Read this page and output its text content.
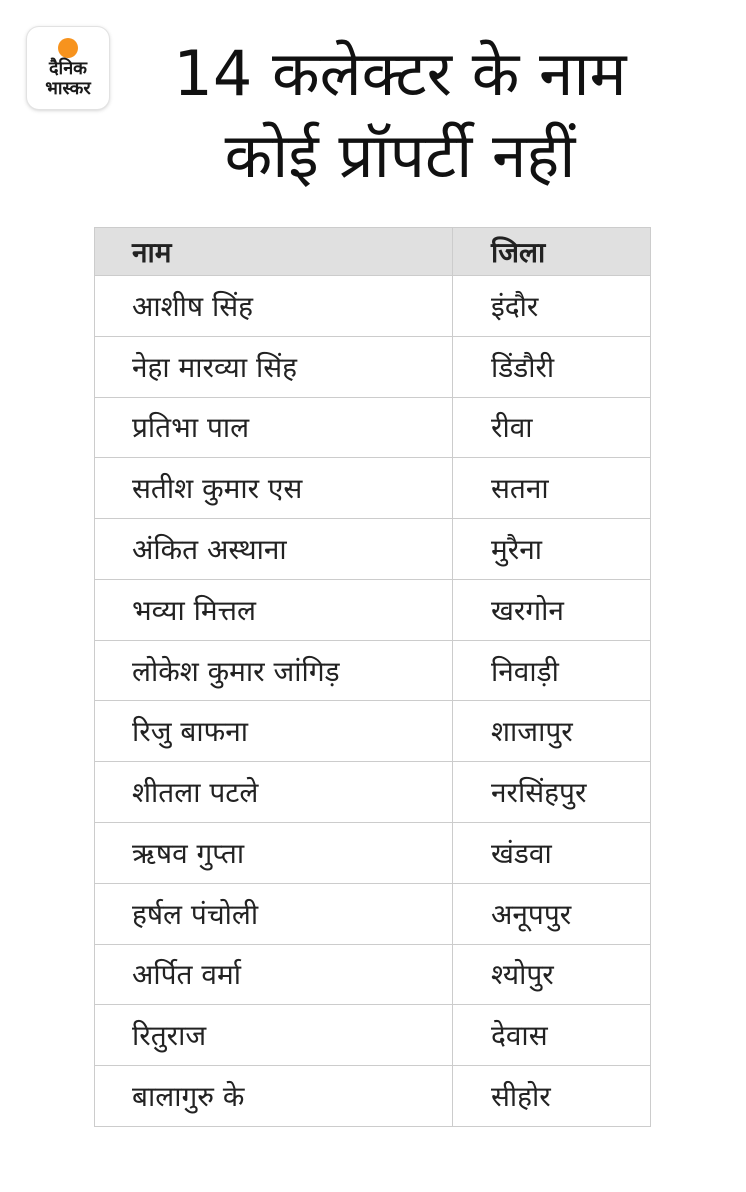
दैनिक
भास्कर	14 कलेक्टर के नाम
कोई प्रॉपर्टी नहीं
नाम	जिला
आशीष सिंह	इंदौर
नेहा मारव्या सिंह	डिंडौरी
प्रतिभा पाल	रीवा
सतीश कुमार एस	सतना
अंकित अस्थाना	मुरैना
भव्या मित्तल	खरगोन
लोकेश कुमार जांगिड़	निवाड़ी
रिजु बाफना	शाजापुर
शीतला पटले	नरसिंहपुर
ऋषव गुप्ता	खंडवा
हर्षल पंचोली	अनूपपुर
अर्पित वर्मा	श्योपुर
रितुराज	देवास
बालागुरु के	सीहोर
